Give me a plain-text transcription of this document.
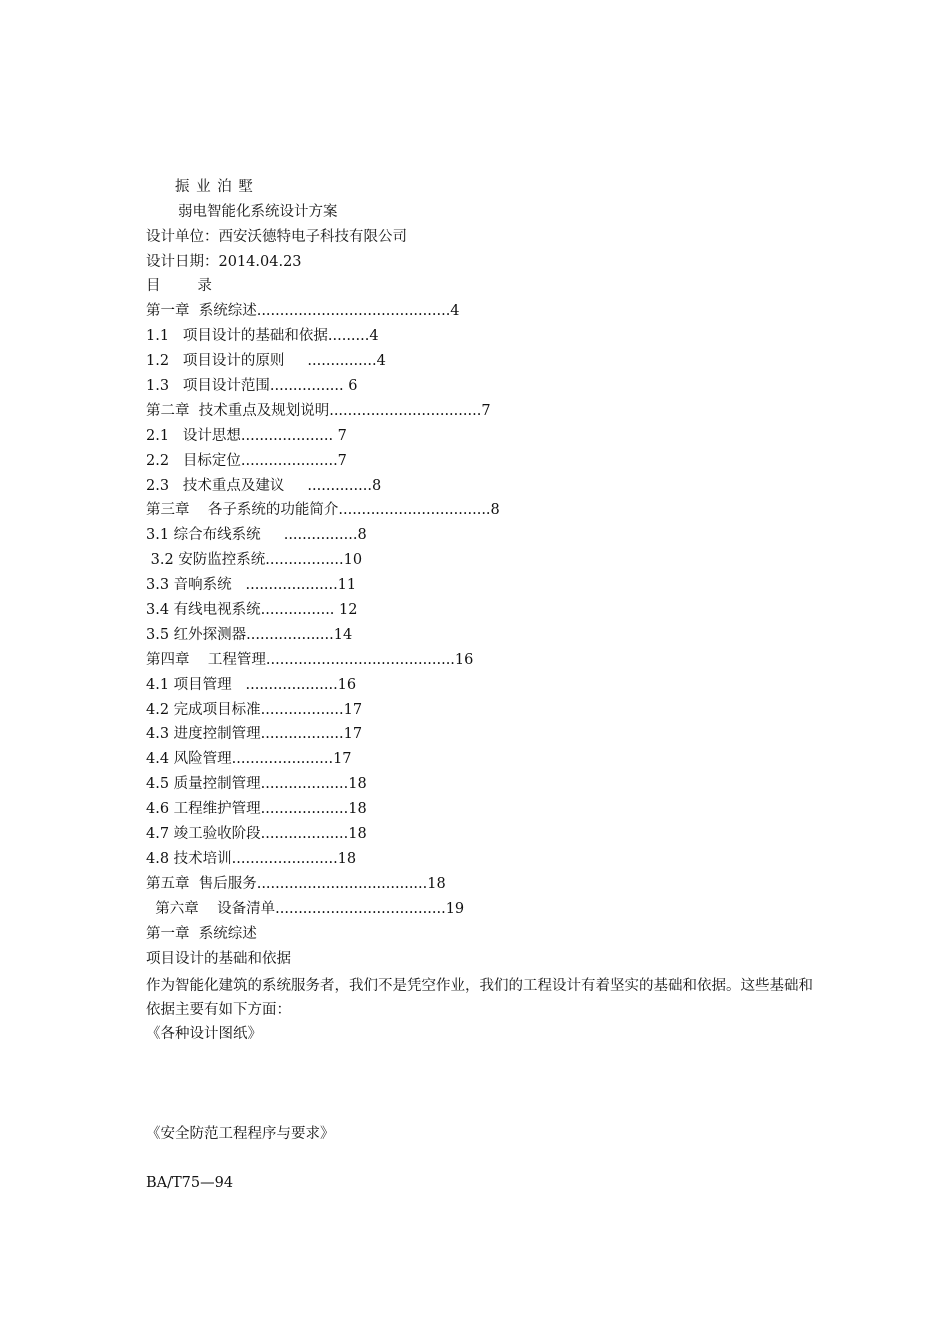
振 业 泊 墅
弱电智能化系统设计方案
设计单位：西安沃德特电子科技有限公司
设计日期：2014.04.23
目        录
第一章  系统综述..........................................4
1.1   项目设计的基础和依据.........4
1.2   项目设计的原则     ...............4
1.3   项目设计范围................ 6
第二章  技术重点及规划说明.................................7
2.1   设计思想.................... 7
2.2   目标定位.....................7
2.3   技术重点及建议     ..............8
第三章    各子系统的功能简介.................................8
3.1 综合布线系统     ................8
3.2 安防监控系统.................10
3.3 音响系统   ....................11
3.4 有线电视系统................ 12
3.5 红外探测器...................14
第四章    工程管理.........................................16
4.1 项目管理   ....................16
4.2 完成项目标准..................17
4.3 进度控制管理..................17
4.4 风险管理......................17
4.5 质量控制管理...................18
4.6 工程维护管理...................18
4.7 竣工验收阶段...................18
4.8 技术培训.......................18
第五章  售后服务.....................................18
第六章    设备清单.....................................19
第一章  系统综述
项目设计的基础和依据
作为智能化建筑的系统服务者，我们不是凭空作业，我们的工程设计有着坚实的基础和依据。这些基础和依据主要有如下方面：
《各种设计图纸》
《安全防范工程程序与要求》
BA/T75—94
